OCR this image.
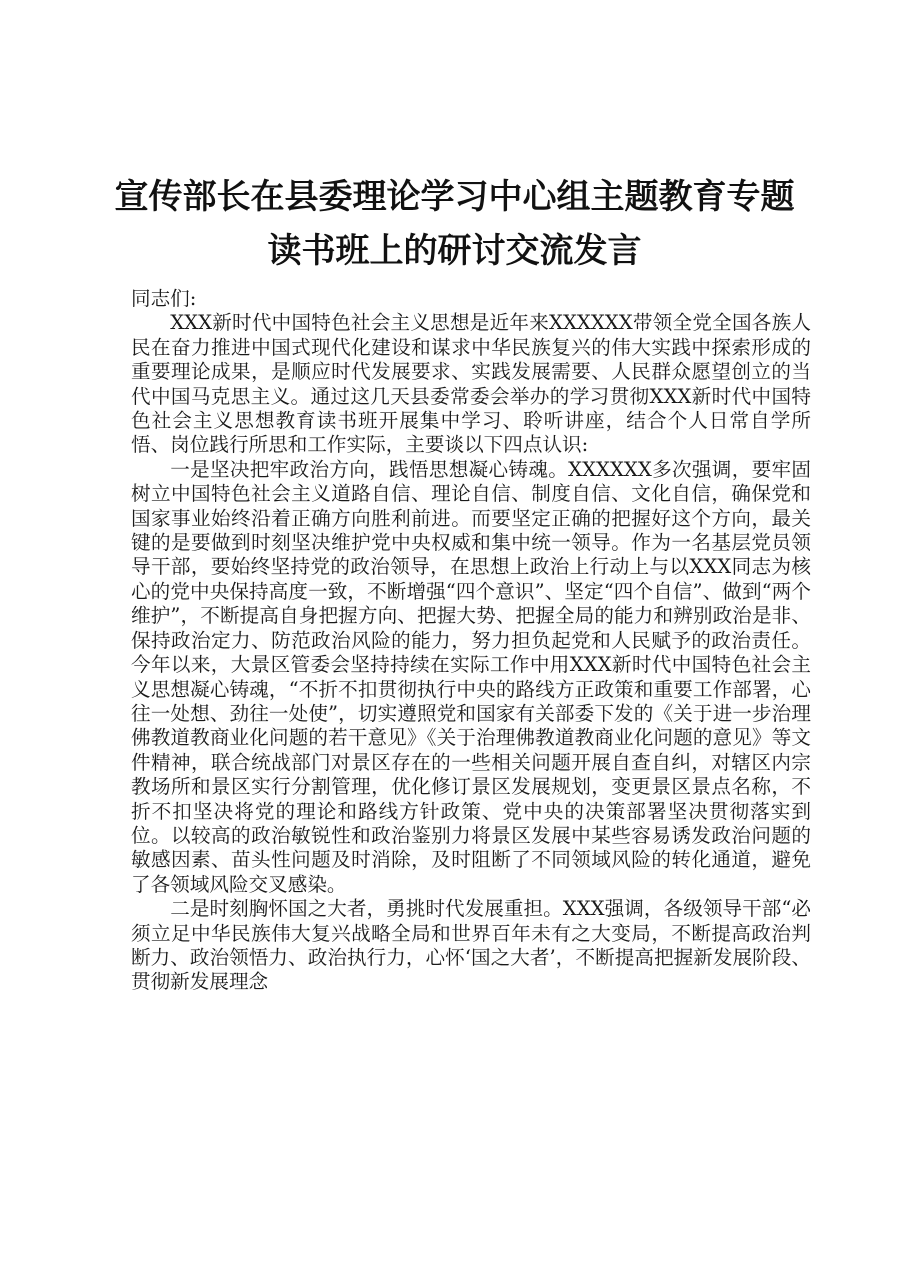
宣传部长在县委理论学习中心组主题教育专题
读书班上的研讨交流发言

同志们:

XXX新时代中国特色社会主义思想是近年来XXXXXX带领全党全国各族人民在奋力推进中国式现代化建设和谋求中华民族复兴的伟大实践中探索形成的重要理论成果，是顺应时代发展要求、实践发展需要、人民群众愿望创立的当代中国马克思主义。通过这几天县委常委会举办的学习贯彻XXX新时代中国特色社会主义思想教育读书班开展集中学习、聆听讲座，结合个人日常自学所悟、岗位践行所思和工作实际，主要谈以下四点认识:

一是坚决把牢政治方向，践悟思想凝心铸魂。XXXXXX多次强调，要牢固树立中国特色社会主义道路自信、理论自信、制度自信、文化自信，确保党和国家事业始终沿着正确方向胜利前进。而要坚定正确的把握好这个方向，最关键的是要做到时刻坚决维护党中央权威和集中统一领导。作为一名基层党员领导干部，要始终坚持党的政治领导，在思想上政治上行动上与以XXX同志为核心的党中央保持高度一致，不断增强“四个意识”、坚定“四个自信”、做到“两个维护”，不断提高自身把握方向、把握大势、把握全局的能力和辨别政治是非、保持政治定力、防范政治风险的能力，努力担负起党和人民赋予的政治责任。今年以来，大景区管委会坚持持续在实际工作中用XXX新时代中国特色社会主义思想凝心铸魂，“不折不扣贯彻执行中央的路线方正政策和重要工作部署，心往一处想、劲往一处使”，切实遵照党和国家有关部委下发的《关于进一步治理佛教道教商业化问题的若干意见》《关于治理佛教道教商业化问题的意见》等文件精神，联合统战部门对景区存在的一些相关问题开展自查自纠，对辖区内宗教场所和景区实行分割管理，优化修订景区发展规划，变更景区景点名称，不折不扣坚决将党的理论和路线方针政策、党中央的决策部署坚决贯彻落实到位。以较高的政治敏锐性和政治鉴别力将景区发展中某些容易诱发政治问题的敏感因素、苗头性问题及时消除，及时阻断了不同领域风险的转化通道，避免了各领域风险交叉感染。

二是时刻胸怀国之大者，勇挑时代发展重担。XXX强调，各级领导干部“必须立足中华民族伟大复兴战略全局和世界百年未有之大变局，不断提高政治判断力、政治领悟力、政治执行力，心怀‘国之大者’，不断提高把握新发展阶段、贯彻新发展理念
